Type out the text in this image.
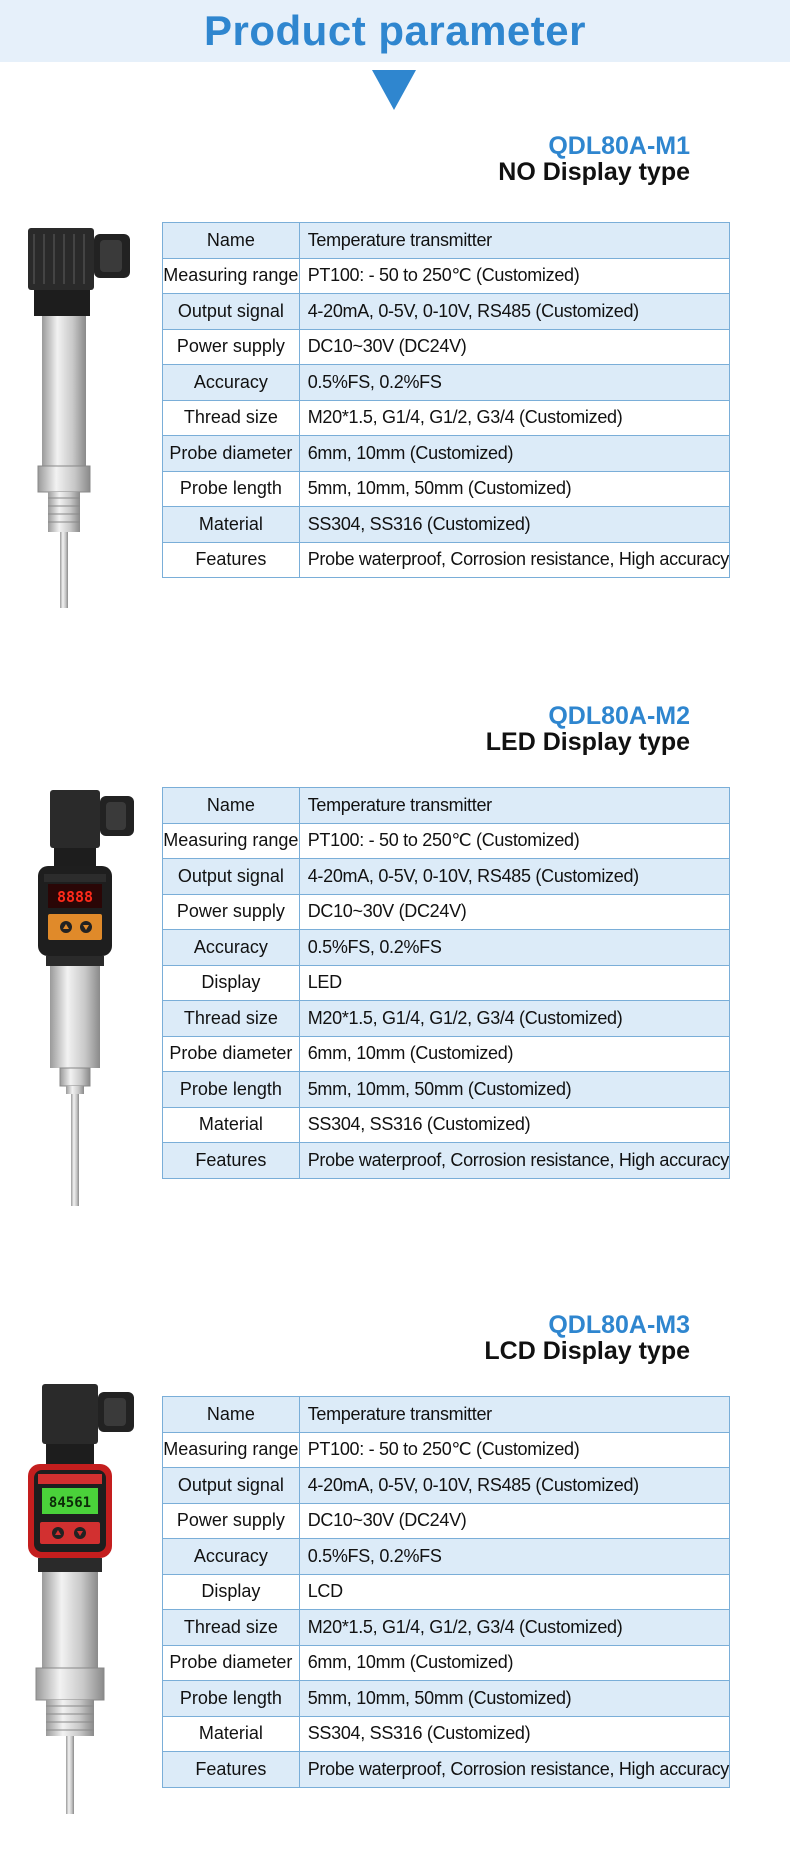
Product parameter
QDL80A-M1
NO Display type
Name	Temperature transmitter
Measuring range	PT100: - 50 to 250℃ (Customized)
Output signal	4-20mA, 0-5V, 0-10V, RS485 (Customized)
Power supply	DC10~30V (DC24V)
Accuracy	0.5%FS, 0.2%FS
Thread size	M20*1.5, G1/4, G1/2, G3/4 (Customized)
Probe diameter	6mm, 10mm (Customized)
Probe length	5mm, 10mm, 50mm (Customized)
Material	SS304, SS316 (Customized)
Features	Probe waterproof, Corrosion resistance, High accuracy
QDL80A-M2
LED Display type
8888
Name	Temperature transmitter
Measuring range	PT100: - 50 to 250℃ (Customized)
Output signal	4-20mA, 0-5V, 0-10V, RS485 (Customized)
Power supply	DC10~30V (DC24V)
Accuracy	0.5%FS, 0.2%FS
Display	LED
Thread size	M20*1.5, G1/4, G1/2, G3/4 (Customized)
Probe diameter	6mm, 10mm (Customized)
Probe length	5mm, 10mm, 50mm (Customized)
Material	SS304, SS316 (Customized)
Features	Probe waterproof, Corrosion resistance, High accuracy
QDL80A-M3
LCD Display type
84561
Name	Temperature transmitter
Measuring range	PT100: - 50 to 250℃ (Customized)
Output signal	4-20mA, 0-5V, 0-10V, RS485 (Customized)
Power supply	DC10~30V (DC24V)
Accuracy	0.5%FS, 0.2%FS
Display	LCD
Thread size	M20*1.5, G1/4, G1/2, G3/4 (Customized)
Probe diameter	6mm, 10mm (Customized)
Probe length	5mm, 10mm, 50mm (Customized)
Material	SS304, SS316 (Customized)
Features	Probe waterproof, Corrosion resistance, High accuracy
